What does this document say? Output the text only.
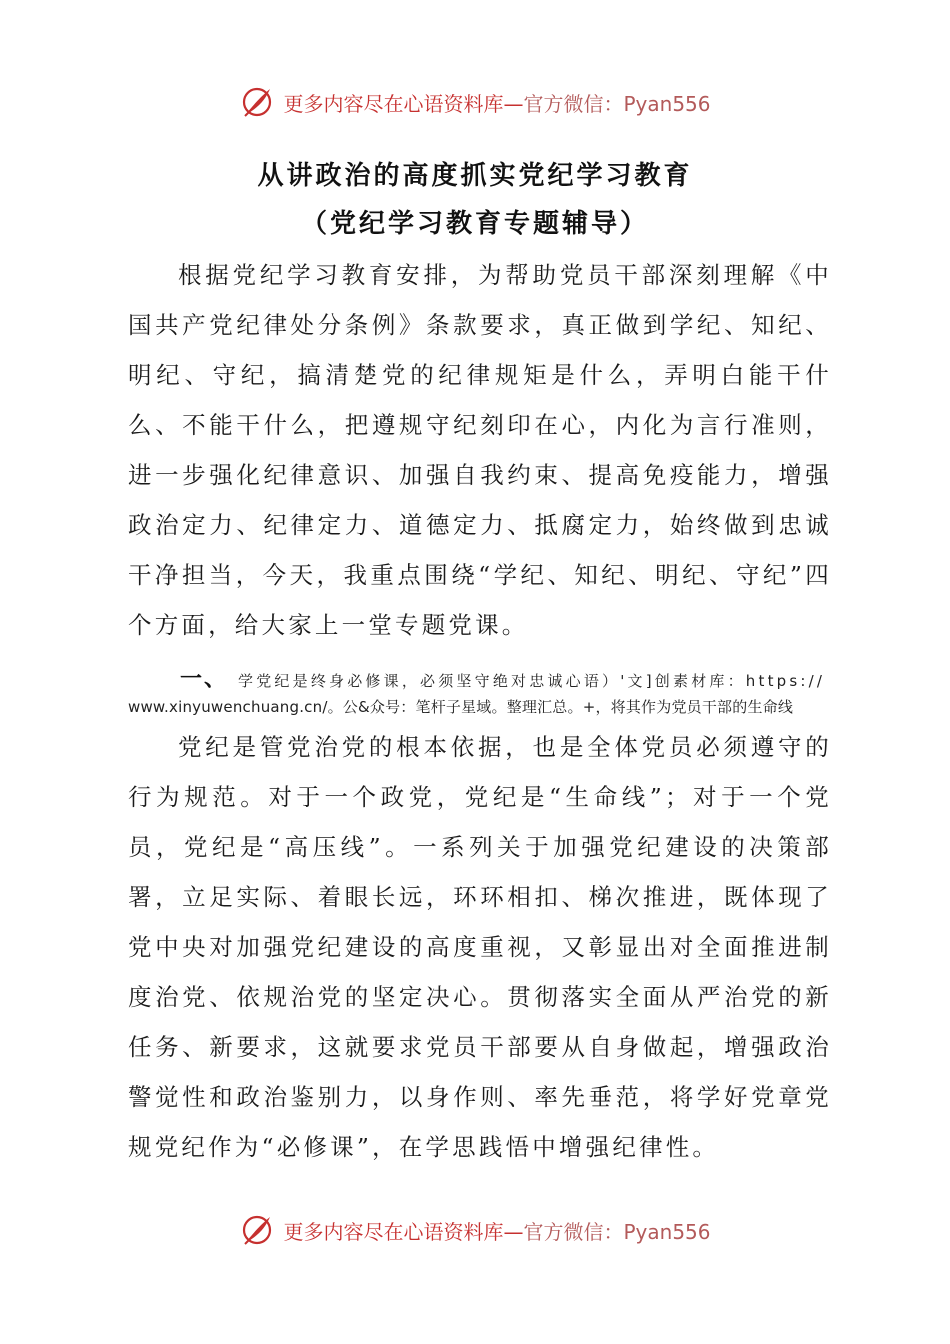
更多内容尽在心语资料库—官方微信：Pyan556
从讲政治的高度抓实党纪学习教育
（党纪学习教育专题辅导）

根据党纪学习教育安排，为帮助党员干部深刻理解《中国共产党纪律处分条例》条款要求，真正做到学纪、知纪、明纪、守纪，搞清楚党的纪律规矩是什么，弄明白能干什么、不能干什么，把遵规守纪刻印在心，内化为言行准则，进一步强化纪律意识、加强自我约束、提高免疫能力，增强政治定力、纪律定力、道德定力、抵腐定力，始终做到忠诚干净担当，今天，我重点围绕“学纪、知纪、明纪、守纪”四个方面，给大家上一堂专题党课。

一、 学党纪是终身必修课，必须坚守绝对忠诚心语）'文]创素材库：https://
www.xinyuwenchuang.cn/。公&众号：笔杆子星域。整理汇总。+，将其作为党员干部的生命线

党纪是管党治党的根本依据，也是全体党员必须遵守的行为规范。对于一个政党，党纪是“生命线”；对于一个党员，党纪是“高压线”。一系列关于加强党纪建设的决策部署，立足实际、着眼长远，环环相扣、梯次推进，既体现了党中央对加强党纪建设的高度重视，又彰显出对全面推进制度治党、依规治党的坚定决心。贯彻落实全面从严治党的新任务、新要求，这就要求党员干部要从自身做起，增强政治警觉性和政治鉴别力，以身作则、率先垂范，将学好党章党规党纪作为“必修课”，在学思践悟中增强纪律性。

更多内容尽在心语资料库—官方微信：Pyan556
